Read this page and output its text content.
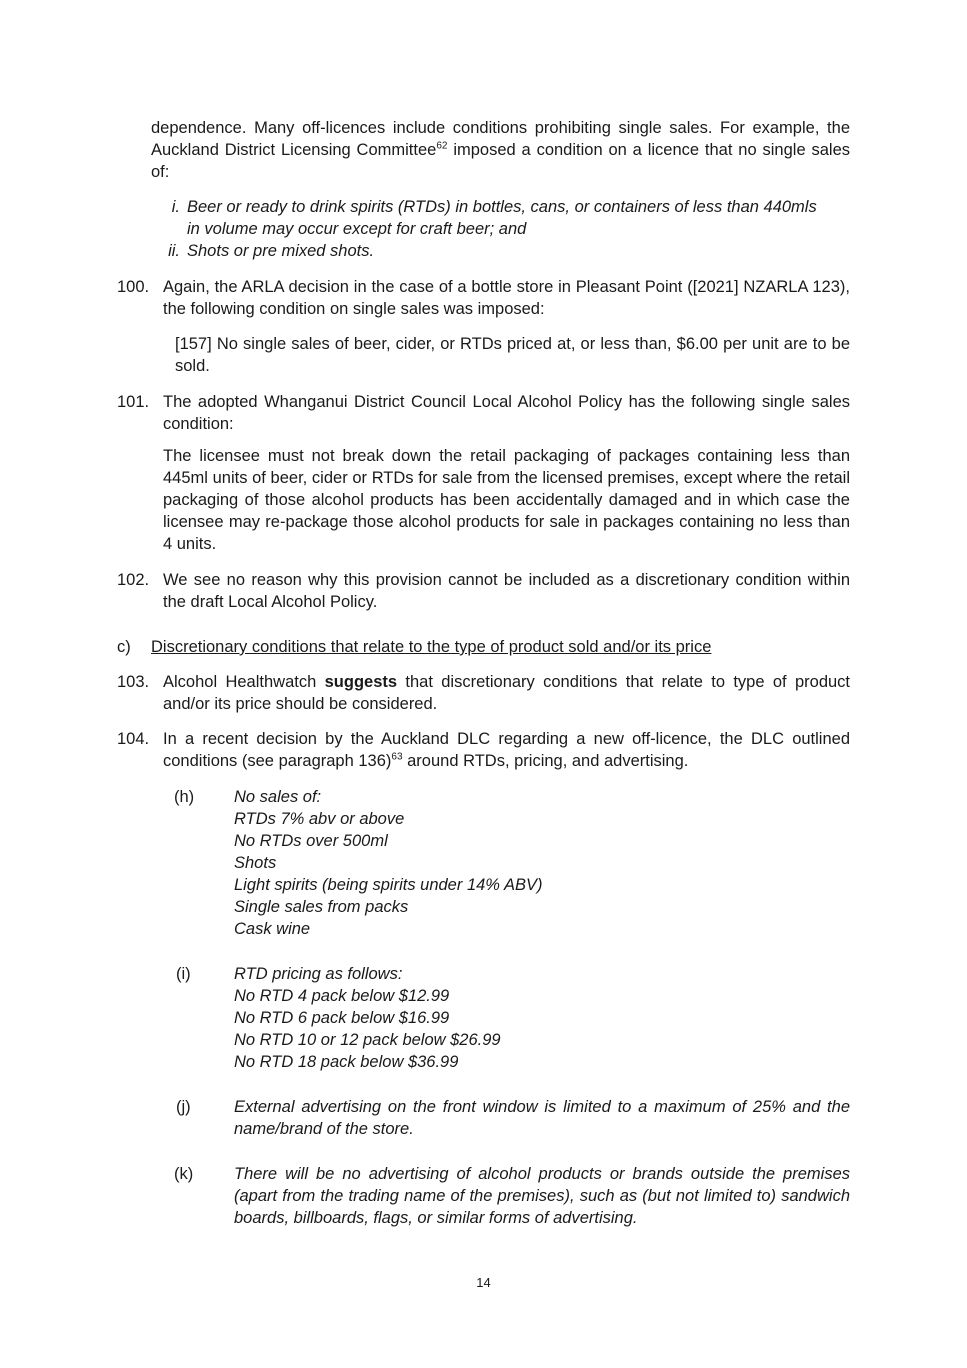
dependence. Many off-licences include conditions prohibiting single sales. For example, the Auckland District Licensing Committee$^{62}$ imposed a condition on a licence that no single sales of:

i. Beer or ready to drink spirits (RTDs) in bottles, cans, or containers of less than 440mls in volume may occur except for craft beer; and

ii. Shots or pre mixed shots.

100. Again, the ARLA decision in the case of a bottle store in Pleasant Point ([2021] NZARLA 123), the following condition on single sales was imposed:

[157] No single sales of beer, cider, or RTDs priced at, or less than, $6.00 per unit are to be sold.

101. The adopted Whanganui District Council Local Alcohol Policy has the following single sales condition:

The licensee must not break down the retail packaging of packages containing less than 445ml units of beer, cider or RTDs for sale from the licensed premises, except where the retail packaging of those alcohol products has been accidentally damaged and in which case the licensee may re-package those alcohol products for sale in packages containing no less than 4 units.

102. We see no reason why this provision cannot be included as a discretionary condition within the draft Local Alcohol Policy.

c) Discretionary conditions that relate to the type of product sold and/or its price

103. Alcohol Healthwatch suggests that discretionary conditions that relate to type of product and/or its price should be considered.

104. In a recent decision by the Auckland DLC regarding a new off-licence, the DLC outlined conditions (see paragraph 136)$^{63}$ around RTDs, pricing, and advertising.

(h) No sales of:
RTDs 7% abv or above
No RTDs over 500ml
Shots
Light spirits (being spirits under 14% ABV)
Single sales from packs
Cask wine
(i)	RTD pricing as follows:
No RTD 4 pack below $12.99
No RTD 6 pack below $16.99
No RTD 10 or 12 pack below $26.99
No RTD 18 pack below $36.99
(j)	External advertising on the front window is limited to a maximum of 25% and the name/brand of the store.

(k) There will be no advertising of alcohol products or brands outside the premises (apart from the trading name of the premises), such as (but not limited to) sandwich boards, billboards, flags, or similar forms of advertising.

14
